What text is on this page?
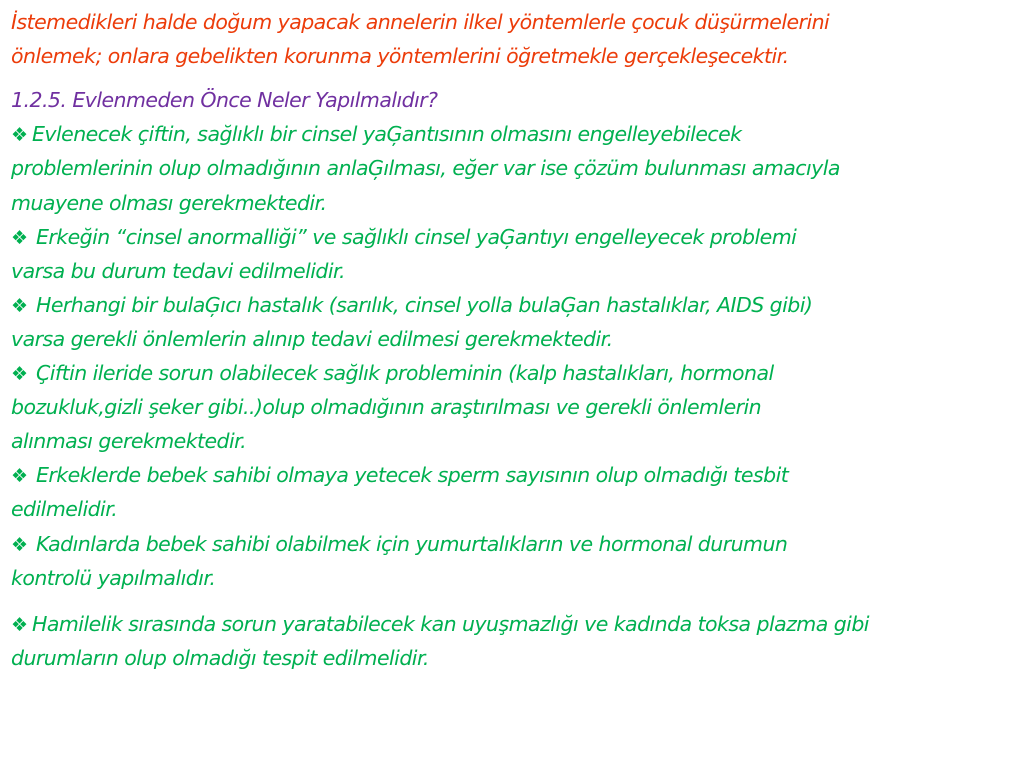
İstemedikleri halde doğum yapacak annelerin ilkel yöntemlerle çocuk düşürmelerini
önlemek; onlara gebelikten korunma yöntemlerini öğretmekle gerçekleşecektir.
1.2.5. Evlenmeden Önce Neler Yapılmalıdır?
❖ Evlenecek çiftin, sağlıklı bir cinsel yaĢantısının olmasını engelleyebilecek
problemlerinin olup olmadığının anlaĢılması, eğer var ise çözüm bulunması amacıyla
muayene olması gerekmektedir.
❖ Erkeğin “cinsel anormalliği” ve sağlıklı cinsel yaĢantıyı engelleyecek problemi
varsa bu durum tedavi edilmelidir.
❖ Herhangi bir bulaĢıcı hastalık (sarılık, cinsel yolla bulaĢan hastalıklar, AIDS gibi)
varsa gerekli önlemlerin alınıp tedavi edilmesi gerekmektedir.
❖ Çiftin ileride sorun olabilecek sağlık probleminin (kalp hastalıkları, hormonal
bozukluk,gizli şeker gibi..)olup olmadığının araştırılması ve gerekli önlemlerin
alınması gerekmektedir.
❖ Erkeklerde bebek sahibi olmaya yetecek sperm sayısının olup olmadığı tesbit
edilmelidir.
❖ Kadınlarda bebek sahibi olabilmek için yumurtalıkların ve hormonal durumun
kontrolü yapılmalıdır.
❖ Hamilelik sırasında sorun yaratabilecek kan uyuşmazlığı ve kadında toksa plazma gibi
durumların olup olmadığı tespit edilmelidir.
